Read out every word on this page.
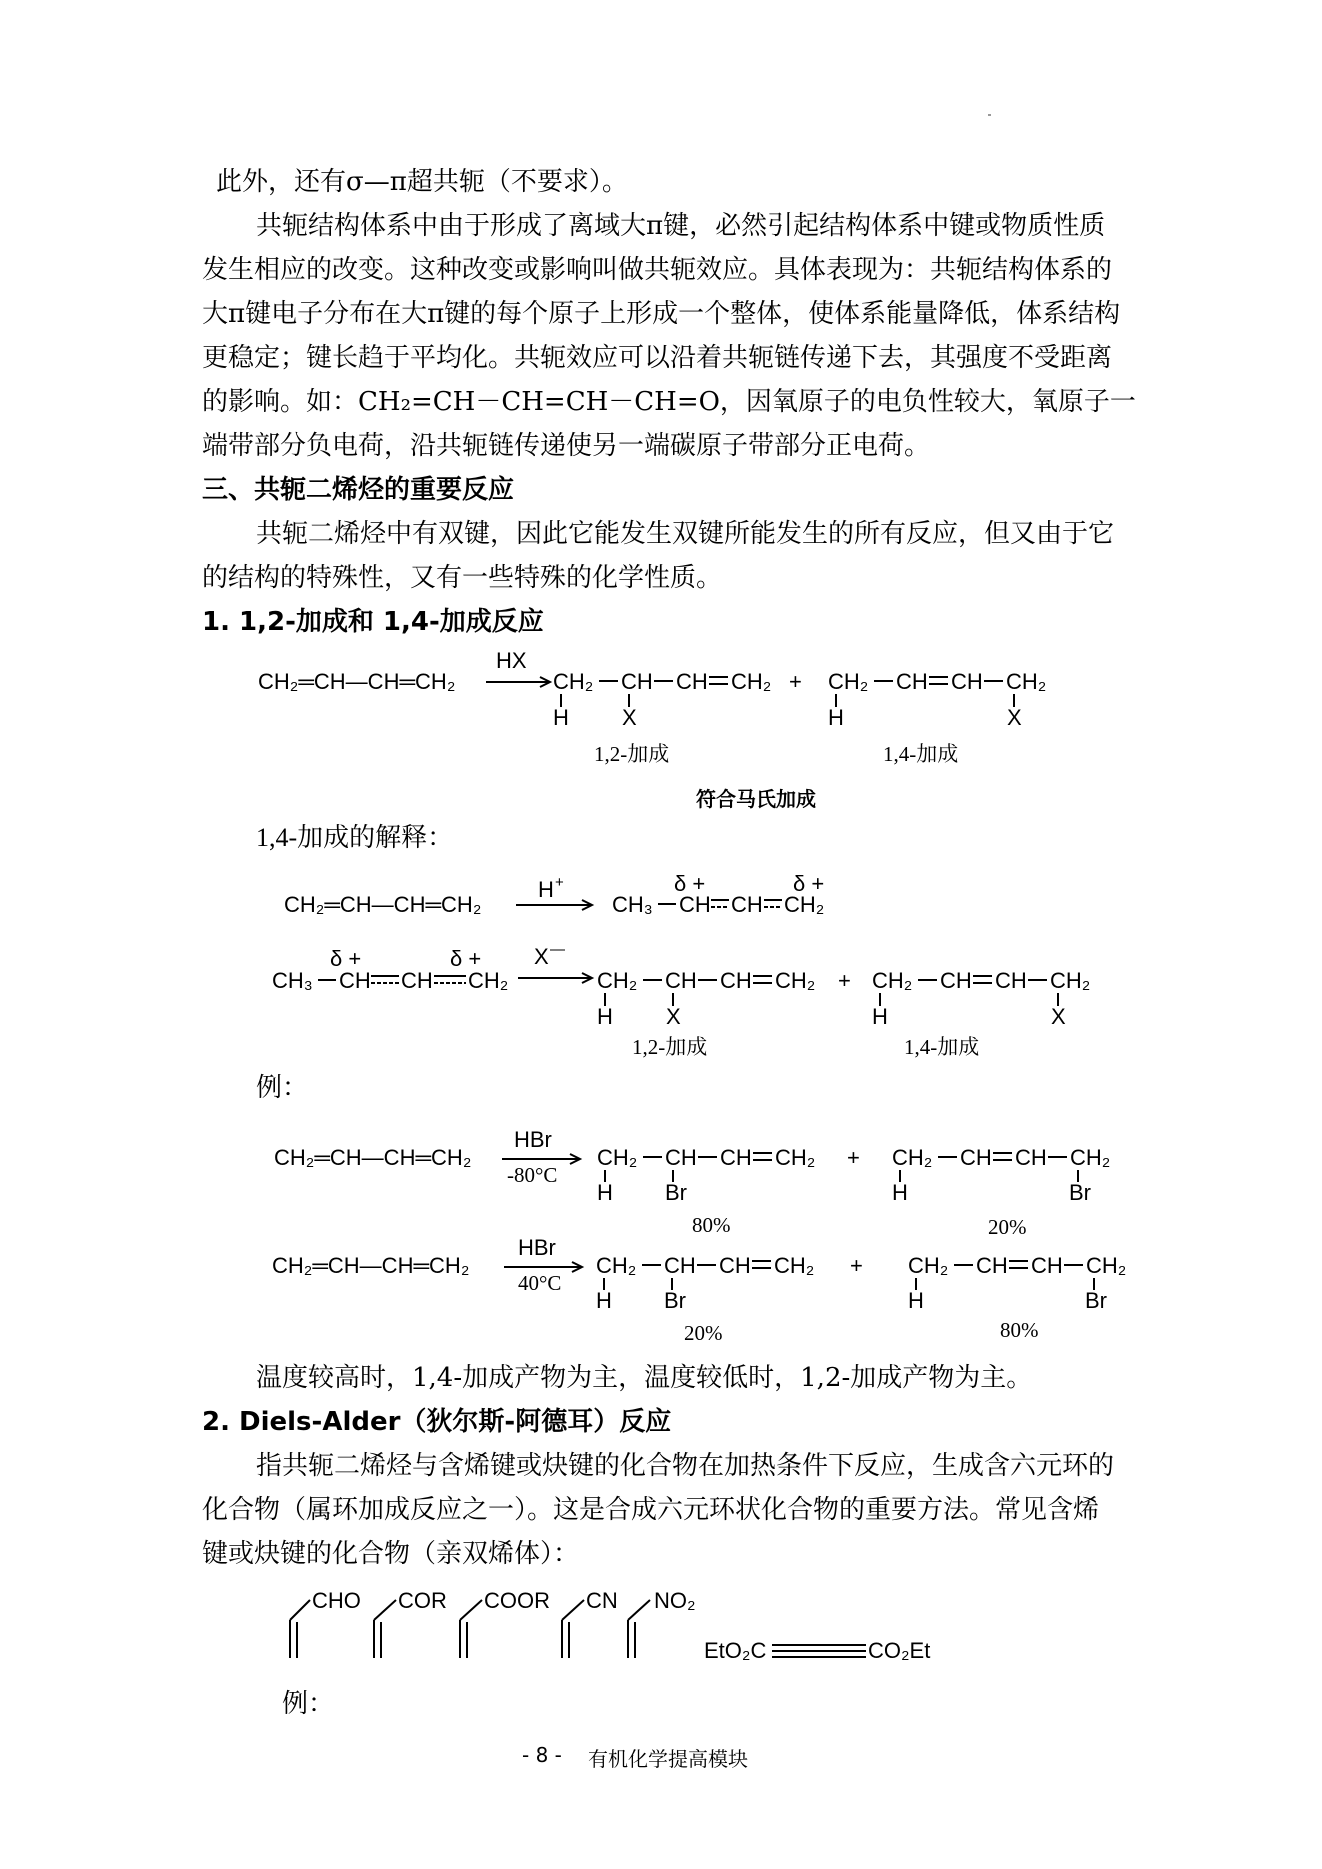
此外，还有σ—π超共轭（不要求）。
共轭结构体系中由于形成了离域大π键，必然引起结构体系中键或物质性质
发生相应的改变。这种改变或影响叫做共轭效应。具体表现为：共轭结构体系的
大π键电子分布在大π键的每个原子上形成一个整体，使体系能量降低，体系结构
更稳定；键长趋于平均化。共轭效应可以沿着共轭链传递下去，其强度不受距离
的影响。如：CH₂=CH－CH=CH－CH=O，因氧原子的电负性较大，氧原子一
端带部分负电荷，沿共轭链传递使另一端碳原子带部分正电荷。
三、共轭二烯烃的重要反应
共轭二烯烃中有双键，因此它能发生双键所能发生的所有反应，但又由于它
的结构的特殊性，又有一些特殊的化学性质。
1. 1,2-加成和 1,4-加成反应
CH₂═CH—CH═CH₂
HX
CH₂ CH CH CH₂
H X
+ CH₂ CH CH CH₂
H	X
1,2-加成	1,4-加成
符合马氏加成
1,4-加成的解释：
CH₂═CH—CH═CH₂
H +
CH₃ CH CH CH₂
δ +	δ +
CH₃ CH CH CH₂
δ +	δ + X —
CH₂ CH CH CH₂
H X
+ CH₂ CH CH CH₂
H	X
1,2-加成	1,4-加成
例：
CH₂═CH—CH═CH₂
HBr
-80°C
CH₂ CH CH CH₂
H Br
80%
+ CH₂ CH CH CH₂
H	Br
20%
CH₂═CH—CH═CH₂
HBr
40°C
CH₂ CH CH CH₂
H Br
20%
+ CH₂ CH CH CH₂
H	Br
80%
温度较高时，1,4-加成产物为主，温度较低时，1,2-加成产物为主。
2. Diels-Alder（狄尔斯-阿德耳）反应
指共轭二烯烃与含烯键或炔键的化合物在加热条件下反应，生成含六元环的
化合物（属环加成反应之一）。这是合成六元环状化合物的重要方法。常见含烯
键或炔键的化合物（亲双烯体）：
CHO COR COOR CN NO₂
EtO₂C	CO₂Et
例：
- 8 - 有机化学提高模块
